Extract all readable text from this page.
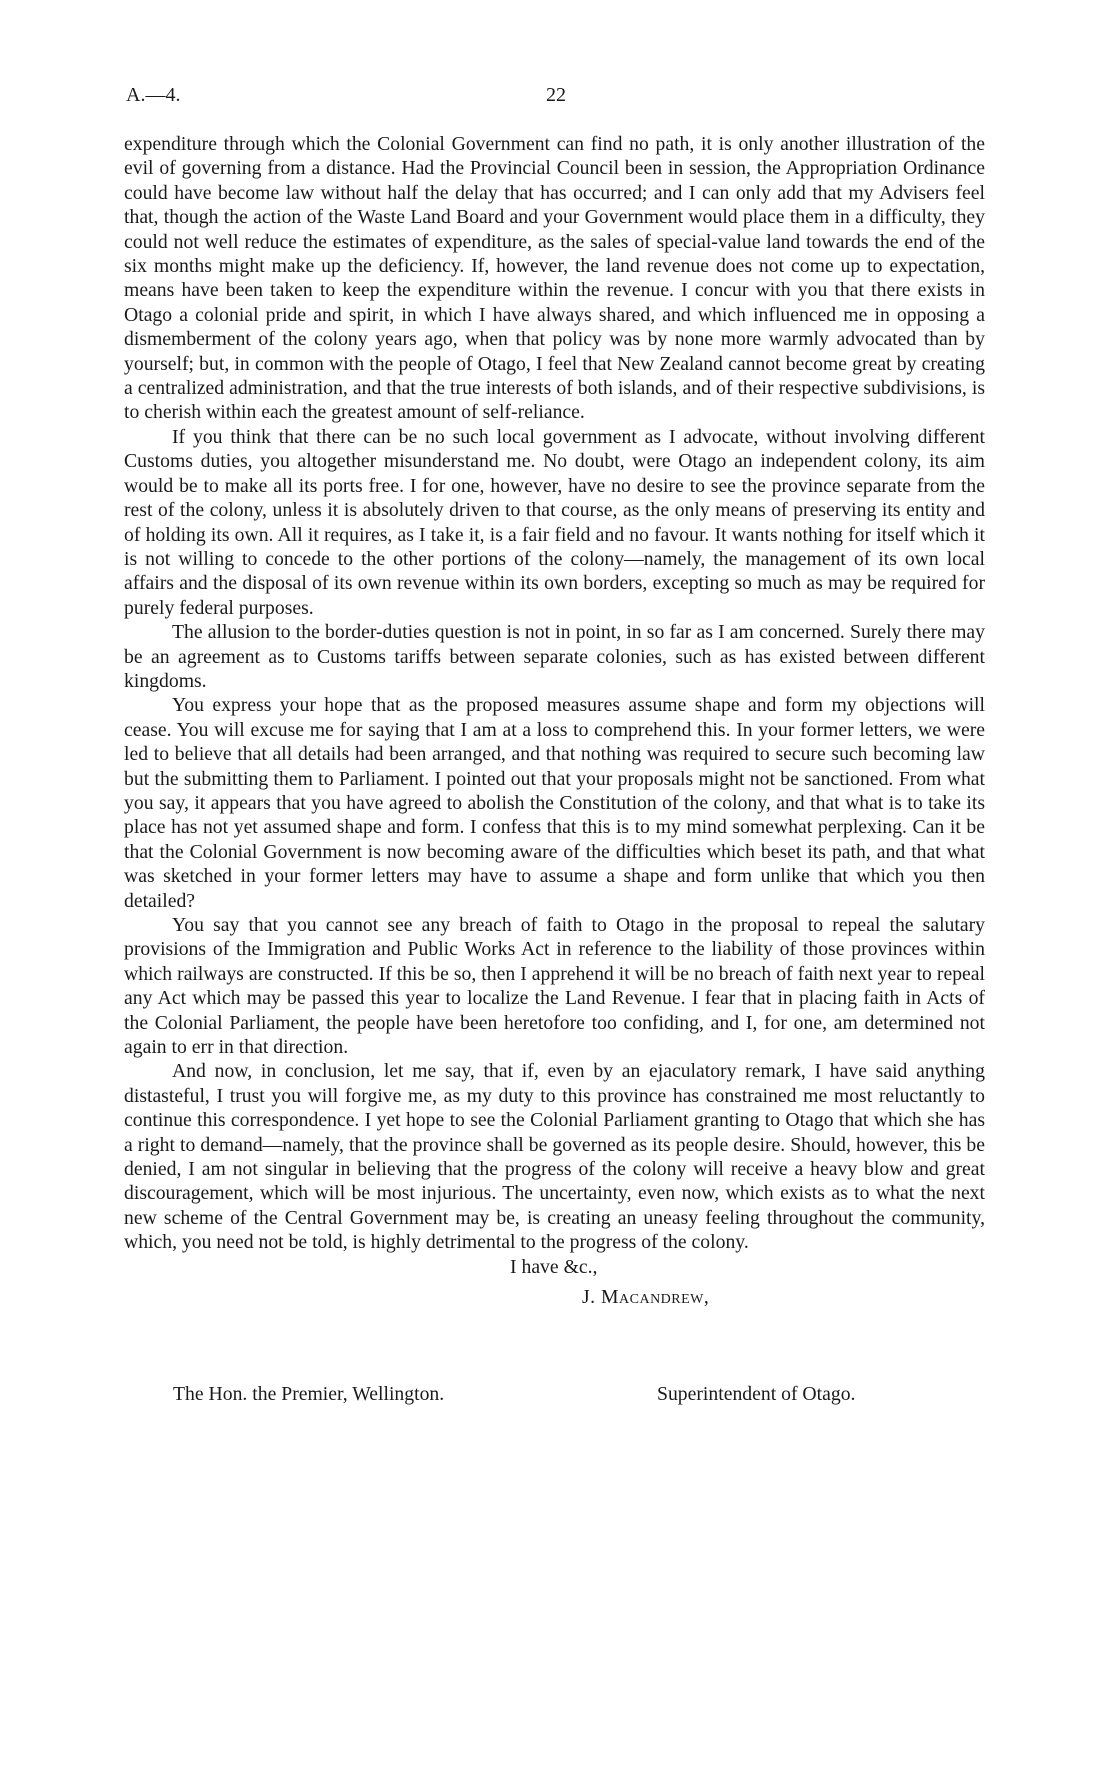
A.—4.	22

expenditure through which the Colonial Government can find no path, it is only another illustration of the evil of governing from a distance. Had the Provincial Council been in session, the Appropriation Ordinance could have become law without half the delay that has occurred; and I can only add that my Advisers feel that, though the action of the Waste Land Board and your Government would place them in a difficulty, they could not well reduce the estimates of expenditure, as the sales of special-value land towards the end of the six months might make up the deficiency. If, however, the land revenue does not come up to expectation, means have been taken to keep the expenditure within the revenue. I concur with you that there exists in Otago a colonial pride and spirit, in which I have always shared, and which influenced me in opposing a dismemberment of the colony years ago, when that policy was by none more warmly advocated than by yourself; but, in common with the people of Otago, I feel that New Zealand cannot become great by creating a centralized administration, and that the true interests of both islands, and of their respective subdivisions, is to cherish within each the greatest amount of self-reliance.

If you think that there can be no such local government as I advocate, without involving different Customs duties, you altogether misunderstand me. No doubt, were Otago an independent colony, its aim would be to make all its ports free. I for one, however, have no desire to see the province separate from the rest of the colony, unless it is absolutely driven to that course, as the only means of preserving its entity and of holding its own. All it requires, as I take it, is a fair field and no favour. It wants nothing for itself which it is not willing to concede to the other portions of the colony—namely, the management of its own local affairs and the disposal of its own revenue within its own borders, excepting so much as may be required for purely federal purposes.

The allusion to the border-duties question is not in point, in so far as I am concerned. Surely there may be an agreement as to Customs tariffs between separate colonies, such as has existed between different kingdoms.

You express your hope that as the proposed measures assume shape and form my objections will cease. You will excuse me for saying that I am at a loss to comprehend this. In your former letters, we were led to believe that all details had been arranged, and that nothing was required to secure such becoming law but the submitting them to Parliament. I pointed out that your proposals might not be sanctioned. From what you say, it appears that you have agreed to abolish the Constitution of the colony, and that what is to take its place has not yet assumed shape and form. I confess that this is to my mind somewhat perplexing. Can it be that the Colonial Government is now becoming aware of the difficulties which beset its path, and that what was sketched in your former letters may have to assume a shape and form unlike that which you then detailed?

You say that you cannot see any breach of faith to Otago in the proposal to repeal the salutary provisions of the Immigration and Public Works Act in reference to the liability of those provinces within which railways are constructed. If this be so, then I apprehend it will be no breach of faith next year to repeal any Act which may be passed this year to localize the Land Revenue. I fear that in placing faith in Acts of the Colonial Parliament, the people have been heretofore too confiding, and I, for one, am determined not again to err in that direction.

And now, in conclusion, let me say, that if, even by an ejaculatory remark, I have said anything distasteful, I trust you will forgive me, as my duty to this province has constrained me most reluctantly to continue this correspondence. I yet hope to see the Colonial Parliament granting to Otago that which she has a right to demand—namely, that the province shall be governed as its people desire. Should, however, this be denied, I am not singular in believing that the progress of the colony will receive a heavy blow and great discouragement, which will be most injurious. The uncertainty, even now, which exists as to what the next new scheme of the Central Government may be, is creating an uneasy feeling throughout the community, which, you need not be told, is highly detrimental to the progress of the colony.

I have &c.,
J. Macandrew,
The Hon. the Premier, Wellington.	Superintendent of Otago.
